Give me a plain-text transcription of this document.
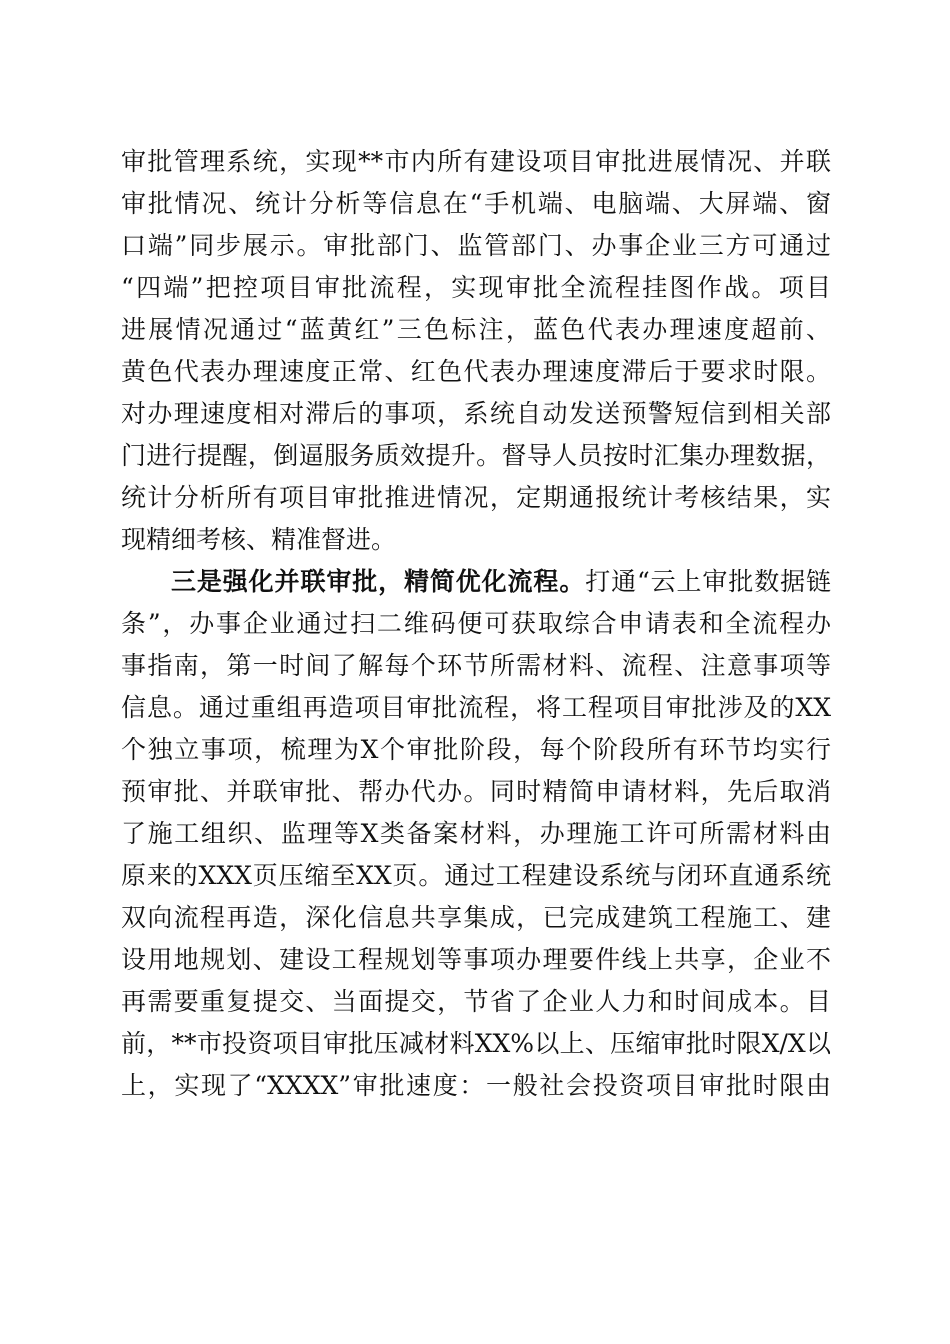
审批管理系统，实现**市内所有建设项目审批进展情况、并联
审批情况、统计分析等信息在“手机端、电脑端、大屏端、窗
口端”同步展示。审批部门、监管部门、办事企业三方可通过
“四端”把控项目审批流程，实现审批全流程挂图作战。项目
进展情况通过“蓝黄红”三色标注，蓝色代表办理速度超前、
黄色代表办理速度正常、红色代表办理速度滞后于要求时限。
对办理速度相对滞后的事项，系统自动发送预警短信到相关部
门进行提醒，倒逼服务质效提升。督导人员按时汇集办理数据，
统计分析所有项目审批推进情况，定期通报统计考核结果，实
现精细考核、精准督进。
三是强化并联审批，精简优化流程。打通“云上审批数据链
条”，办事企业通过扫二维码便可获取综合申请表和全流程办
事指南，第一时间了解每个环节所需材料、流程、注意事项等
信息。通过重组再造项目审批流程，将工程项目审批涉及的XX
个独立事项，梳理为X个审批阶段，每个阶段所有环节均实行
预审批、并联审批、帮办代办。同时精简申请材料，先后取消
了施工组织、监理等X类备案材料，办理施工许可所需材料由
原来的XXX页压缩至XX页。通过工程建设系统与闭环直通系统
双向流程再造，深化信息共享集成，已完成建筑工程施工、建
设用地规划、建设工程规划等事项办理要件线上共享，企业不
再需要重复提交、当面提交，节省了企业人力和时间成本。目
前，**市投资项目审批压减材料XX%以上、压缩审批时限X/X以
上，实现了“XXXX”审批速度：一般社会投资项目审批时限由
